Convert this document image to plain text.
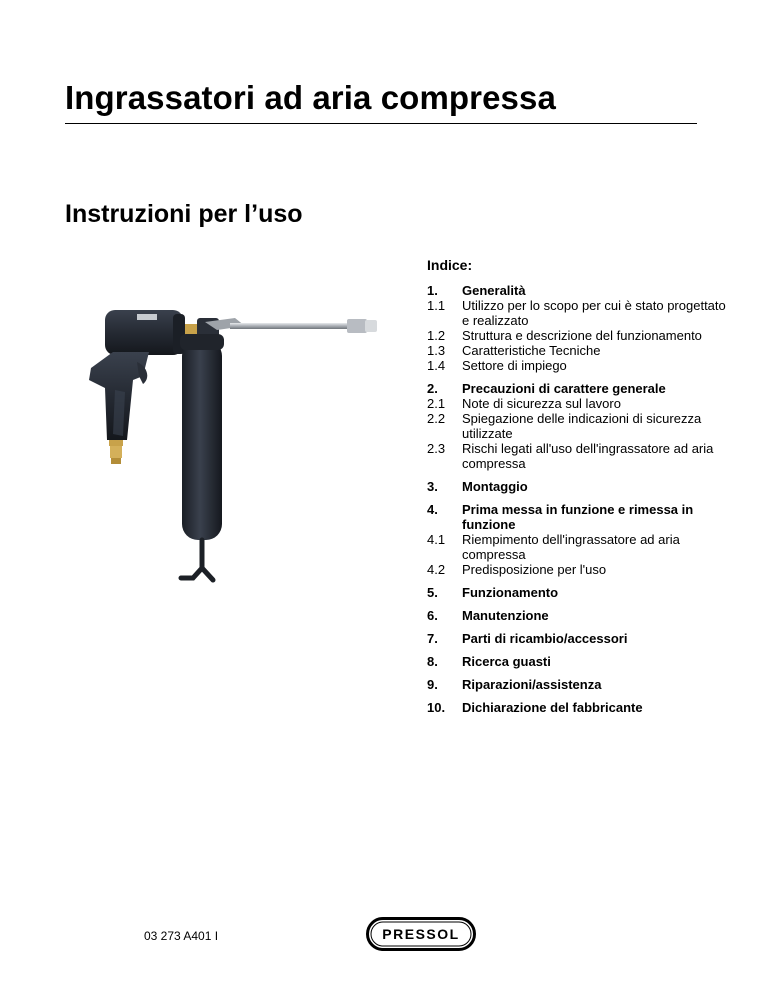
Ingrassatori ad aria compressa
Instruzioni per l’uso
Indice:
1. Generalità
1.1 Utilizzo per lo scopo per cui è stato progettato e realizzato
1.2 Struttura e descrizione del funzionamento
1.3 Caratteristiche Tecniche
1.4 Settore di impiego
2. Precauzioni di carattere generale
2.1 Note di sicurezza sul lavoro
2.2 Spiegazione delle indicazioni di sicurezza utilizzate
2.3 Rischi legati all'uso dell'ingrassatore ad aria compressa
3. Montaggio
4. Prima messa in funzione e rimessa in funzione
4.1 Riempimento dell'ingrassatore ad aria compressa
4.2 Predisposizione per l'uso
5. Funzionamento
6. Manutenzione
7. Parti di ricambio/accessori
8. Ricerca guasti
9. Riparazioni/assistenza
10. Dichiarazione del fabbricante
03 273 A401 I	PRESSOL
